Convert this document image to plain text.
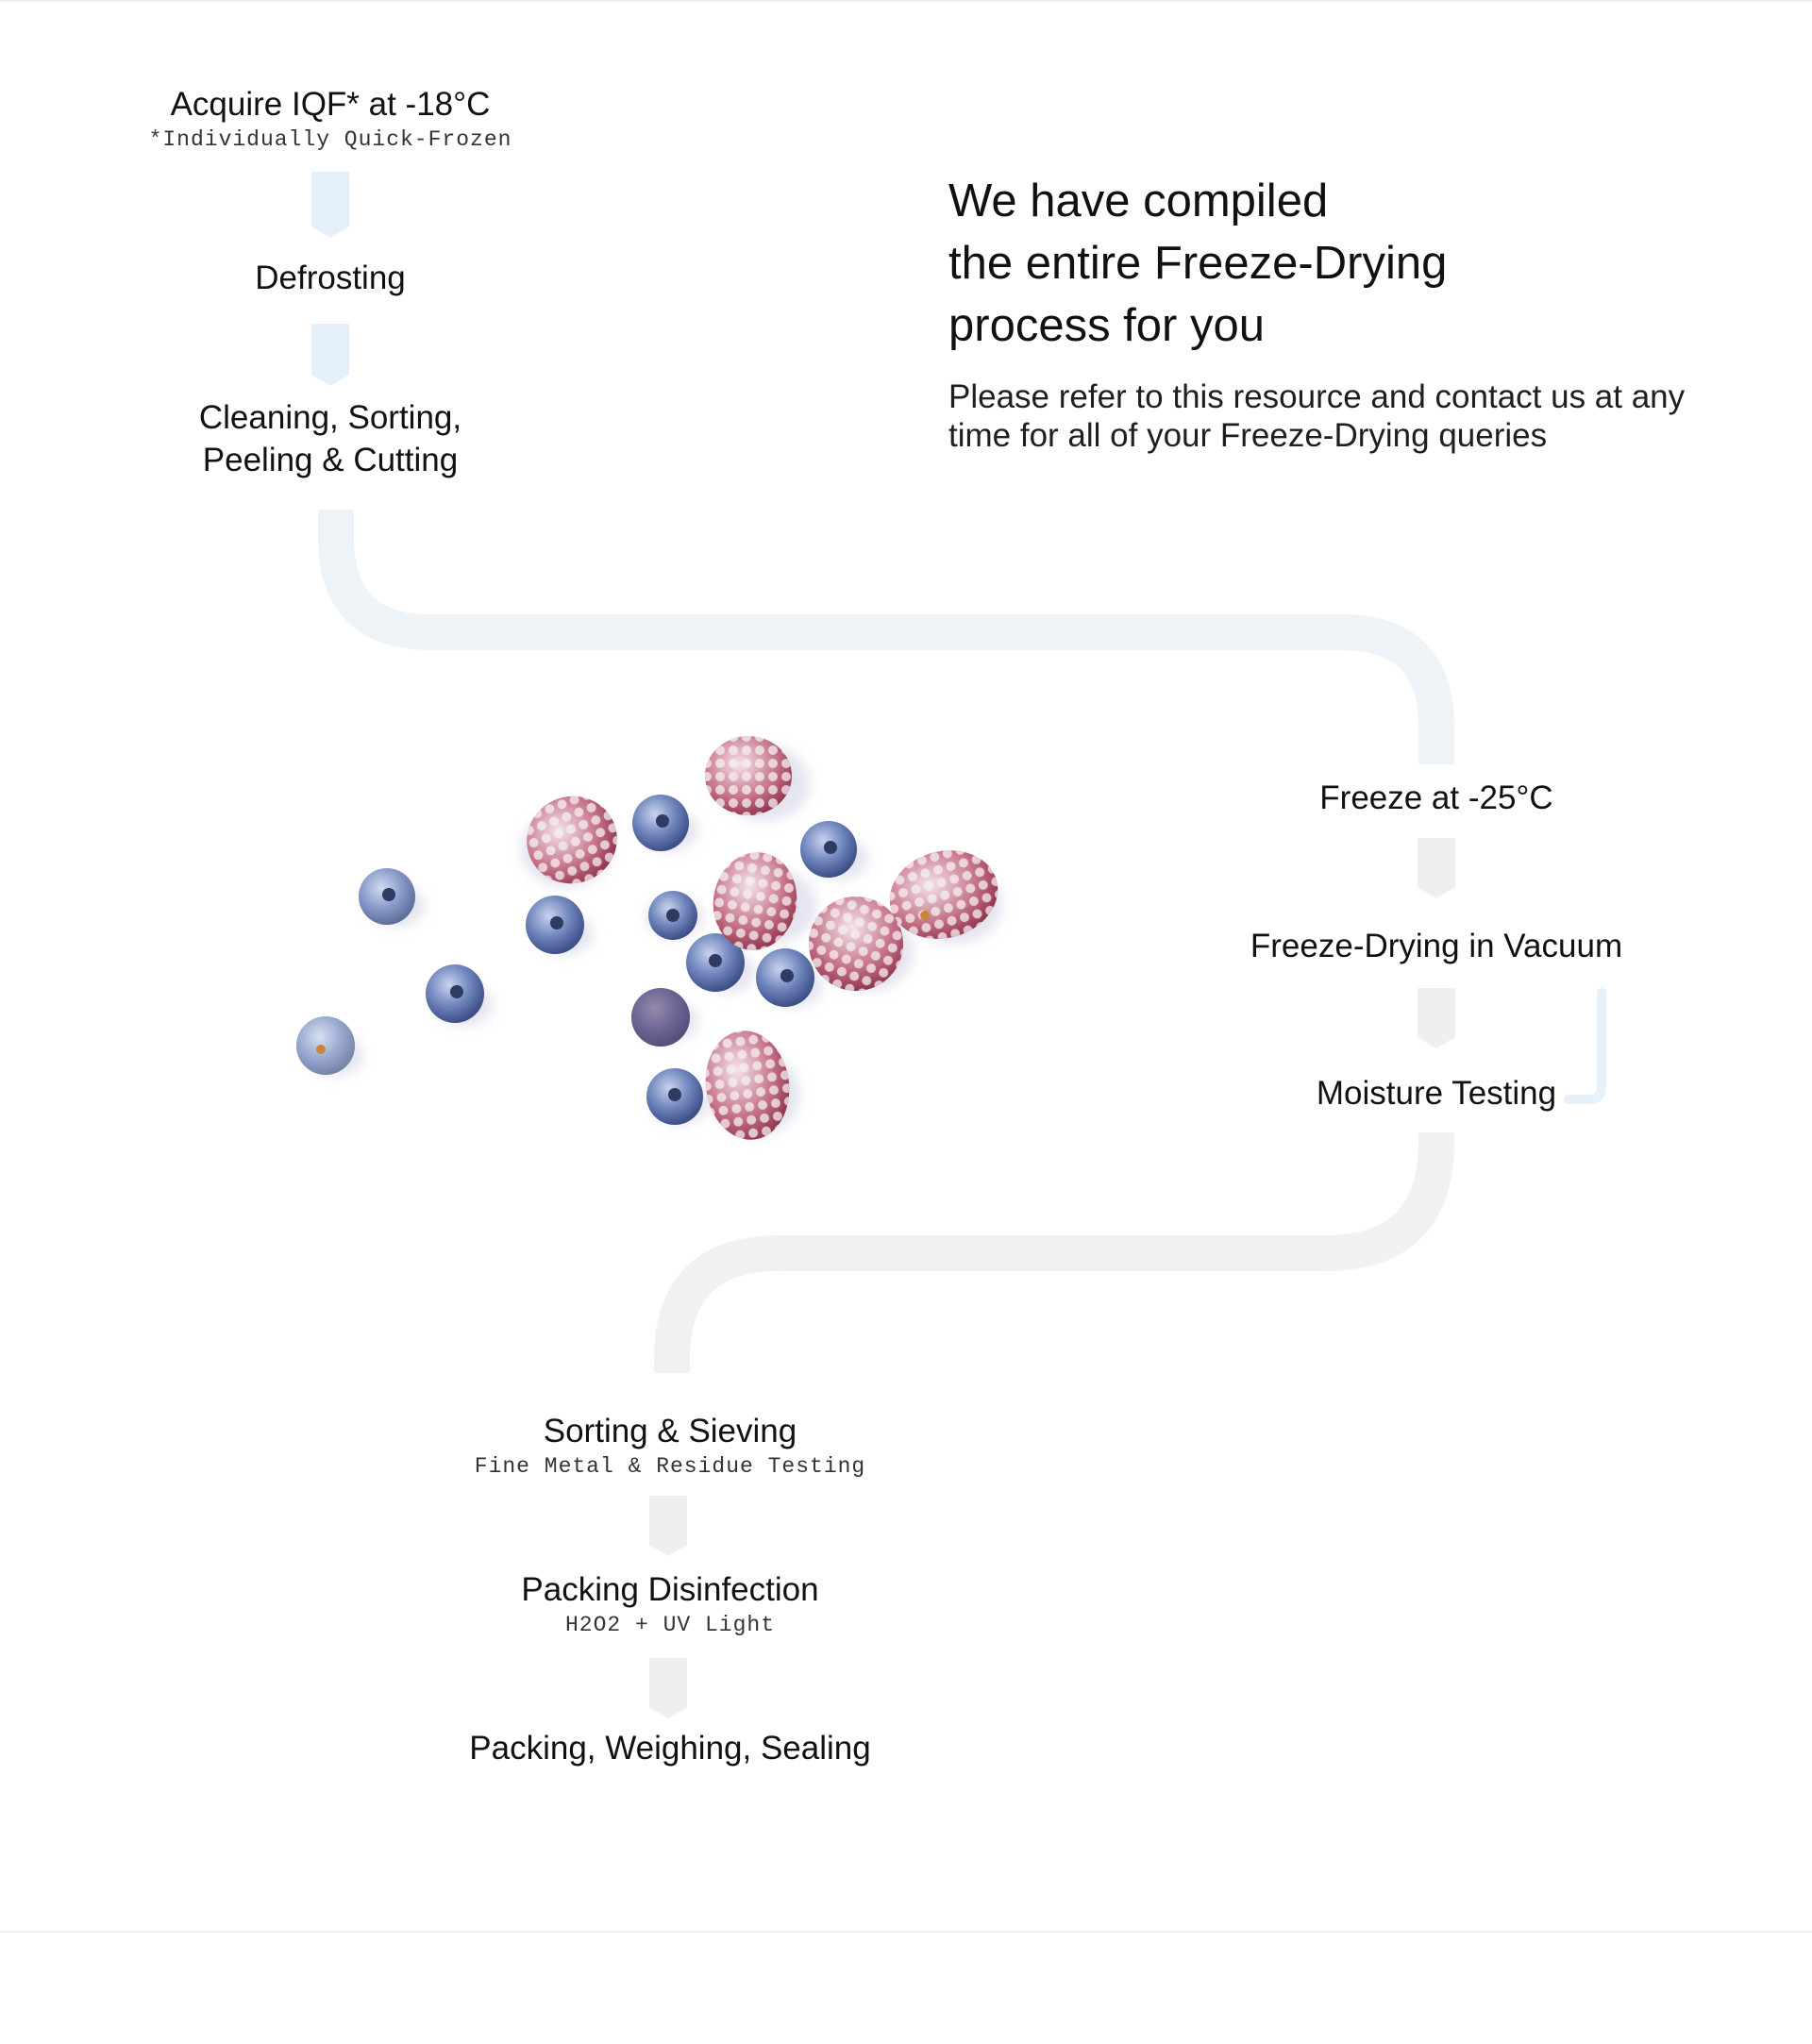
Acquire IQF* at -18°C
*Individually Quick-Frozen
Defrosting
Cleaning, Sorting,
Peeling & Cutting
We have compiled
the entire Freeze-Drying
process for you

Please refer to this resource and contact us at any time for all of your Freeze-Drying queries

Freeze at -25°C
Freeze-Drying in Vacuum
Moisture Testing
Sorting & Sieving
Fine Metal & Residue Testing
Packing Disinfection
H2O2 + UV Light
Packing, Weighing, Sealing
